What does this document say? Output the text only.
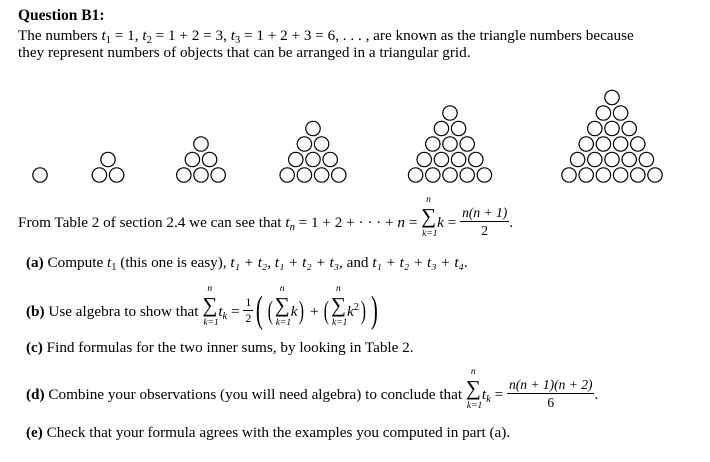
Question B1:
The numbers t1 = 1, t2 = 1 + 2 = 3, t3 = 1 + 2 + 3 = 6, . . . , are known as the triangle numbers because
they represent numbers of objects that can be arranged in a triangular grid.
From Table 2 of section 2.4 we can see that tn = 1 + 2 + · · · + n =
n
∑
k=1
$k = \frac{n(n + 1)}{2}$ .
(a) Compute t1 (this one is easy), t₁ + t₂, t₁ + t₂ + t₃, and t₁ + t₂ + t₃ + t₄.
(b) Use algebra to show that
n
∑
k=1
tk = $\frac{1}{2}$ ( (
n
∑
k=1
k) + (
n
∑
k=1
$k^2$) )
(c) Find formulas for the two inner sums, by looking in Table 2.
(d) Combine your observations (you will need algebra) to conclude that
n
∑
k=1
tk = $\frac{n(n + 1)(n + 2)}{6}$ .
(e) Check that your formula agrees with the examples you computed in part (a).
